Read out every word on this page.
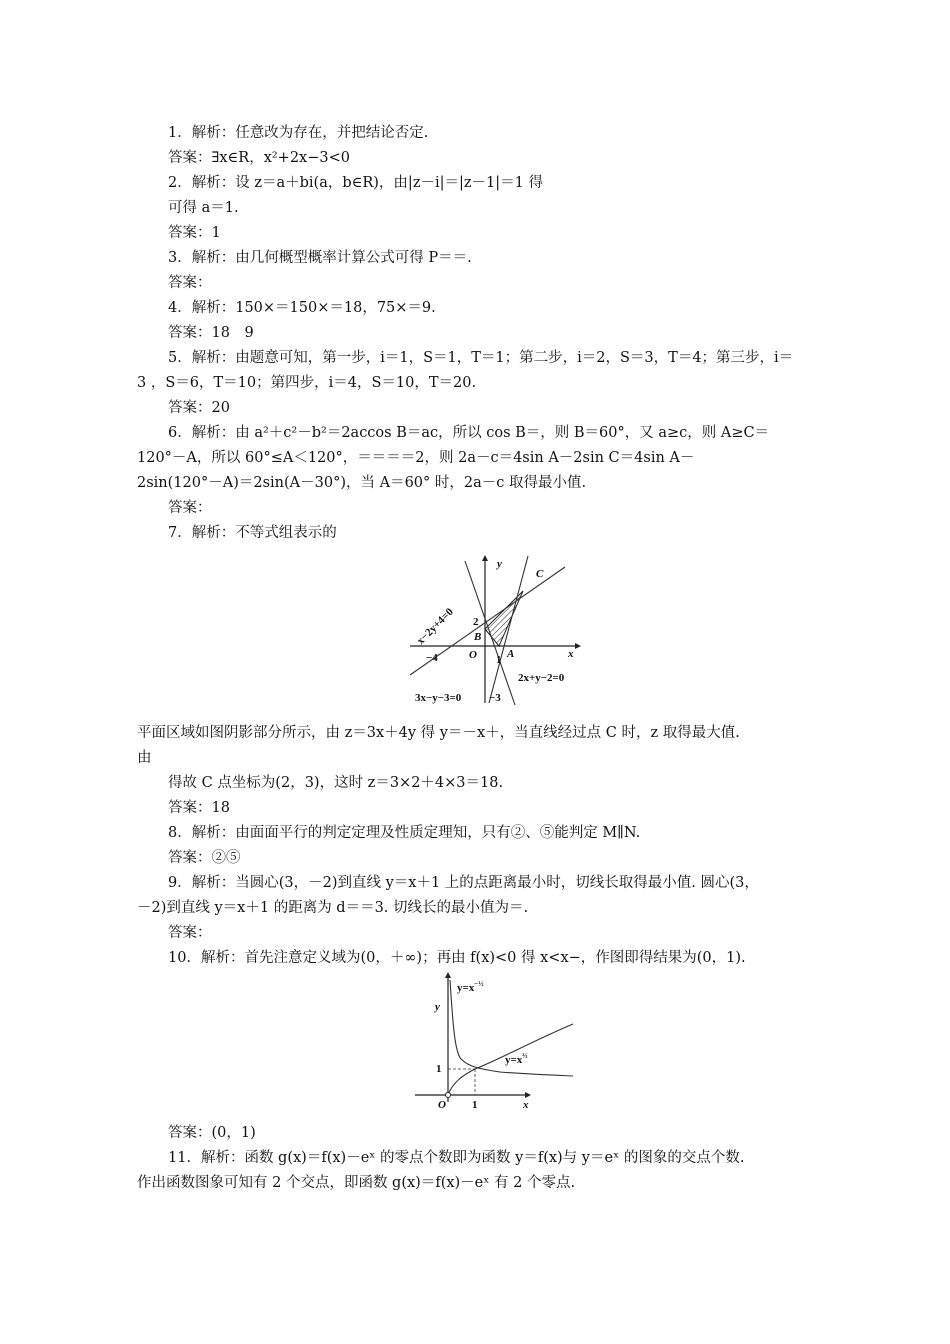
1．解析：任意改为存在，并把结论否定.
答案：∃x∈R，x²+2x−3<0
2．解析：设 z＝a＋bi(a，b∈R)，由|z－i|＝|z－1|＝1 得
可得 a＝1.
答案：1
3．解析：由几何概型概率计算公式可得 P＝＝.
答案：
4．解析：150×＝150×＝18，75×＝9.
答案：18　9
5．解析：由题意可知，第一步，i＝1，S＝1，T＝1；第二步，i＝2，S＝3，T＝4；第三步，i＝
3 ，S＝6，T＝10；第四步，i＝4，S＝10，T＝20.
答案：20
6．解析：由 a²＋c²－b²＝2accos B＝ac，所以 cos B＝，则 B＝60°，又 a≥c，则 A≥C＝
120°－A，所以 60°≤A＜120°，＝＝＝＝2，则 2a－c＝4sin A－2sin C＝4sin A－
2sin(120°－A)＝2sin(A－30°)，当 A＝60° 时，2a－c 取得最小值.
答案：
7．解析：不等式组表示的
y
x
O
C
2
B
A
1
−4
−3
3x−y−3=0
2x+y−2=0
x−2y+4=0
平面区域如图阴影部分所示，由 z＝3x＋4y 得 y＝－x＋，当直线经过点 C 时，z 取得最大值.
由
得故 C 点坐标为(2，3)，这时 z＝3×2＋4×3＝18.
答案：18
8．解析：由面面平行的判定定理及性质定理知，只有②、⑤能判定 M∥N.
答案：②⑤
9．解析：当圆心(3，－2)到直线 y＝x＋1 上的点距离最小时，切线长取得最小值. 圆心(3，
－2)到直线 y＝x＋1 的距离为 d＝＝3. 切线长的最小值为＝.
答案：
10．解析：首先注意定义域为(0，＋∞)；再由 f(x)<0 得 x<x−，作图即得结果为(0，1).
y
x
O 1
1
$y=x^{-\frac{1}{2}}$
$y=x^{\frac{2}{3}}$
答案：(0，1)
11．解析：函数 g(x)＝f(x)－eˣ 的零点个数即为函数 y＝f(x)与 y＝eˣ 的图象的交点个数.
作出函数图象可知有 2 个交点，即函数 g(x)＝f(x)－eˣ 有 2 个零点.
